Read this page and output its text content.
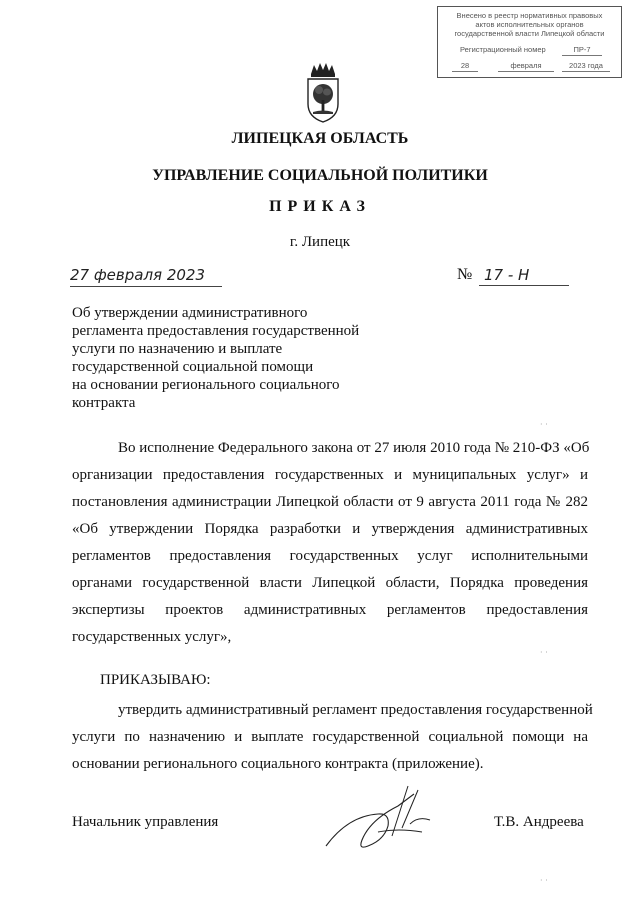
Внесено в реестр нормативных правовых
актов исполнительных органов
государственной власти Липецкой области
Регистрационный номер	ПР-7
28	февраля	2023 года
ЛИПЕЦКАЯ ОБЛАСТЬ
УПРАВЛЕНИЕ СОЦИАЛЬНОЙ ПОЛИТИКИ
ПРИКАЗ
г. Липецк
27 февраля 2023	№ 17 - Н
Об утверждении административного
регламента предоставления государственной
услуги по назначению и выплате
государственной социальной помощи
на основании регионального социального
контракта
· ·
Во исполнение Федерального закона от 27 июля 2010 года № 210-ФЗ «Об
организации предоставления государственных и муниципальных услуг» и
постановления администрации Липецкой области от 9 августа 2011 года № 282
«Об утверждении Порядка разработки и утверждения административных
регламентов предоставления государственных услуг исполнительными
органами государственной власти Липецкой области, Порядка проведения
экспертизы проектов административных регламентов предоставления
государственных услуг»,
· ·
ПРИКАЗЫВАЮ:
утвердить административный регламент предоставления государственной
услуги по назначению и выплате государственной социальной помощи на
основании регионального социального контракта (приложение).
Начальник управления	Т.В. Андреева
· ·
